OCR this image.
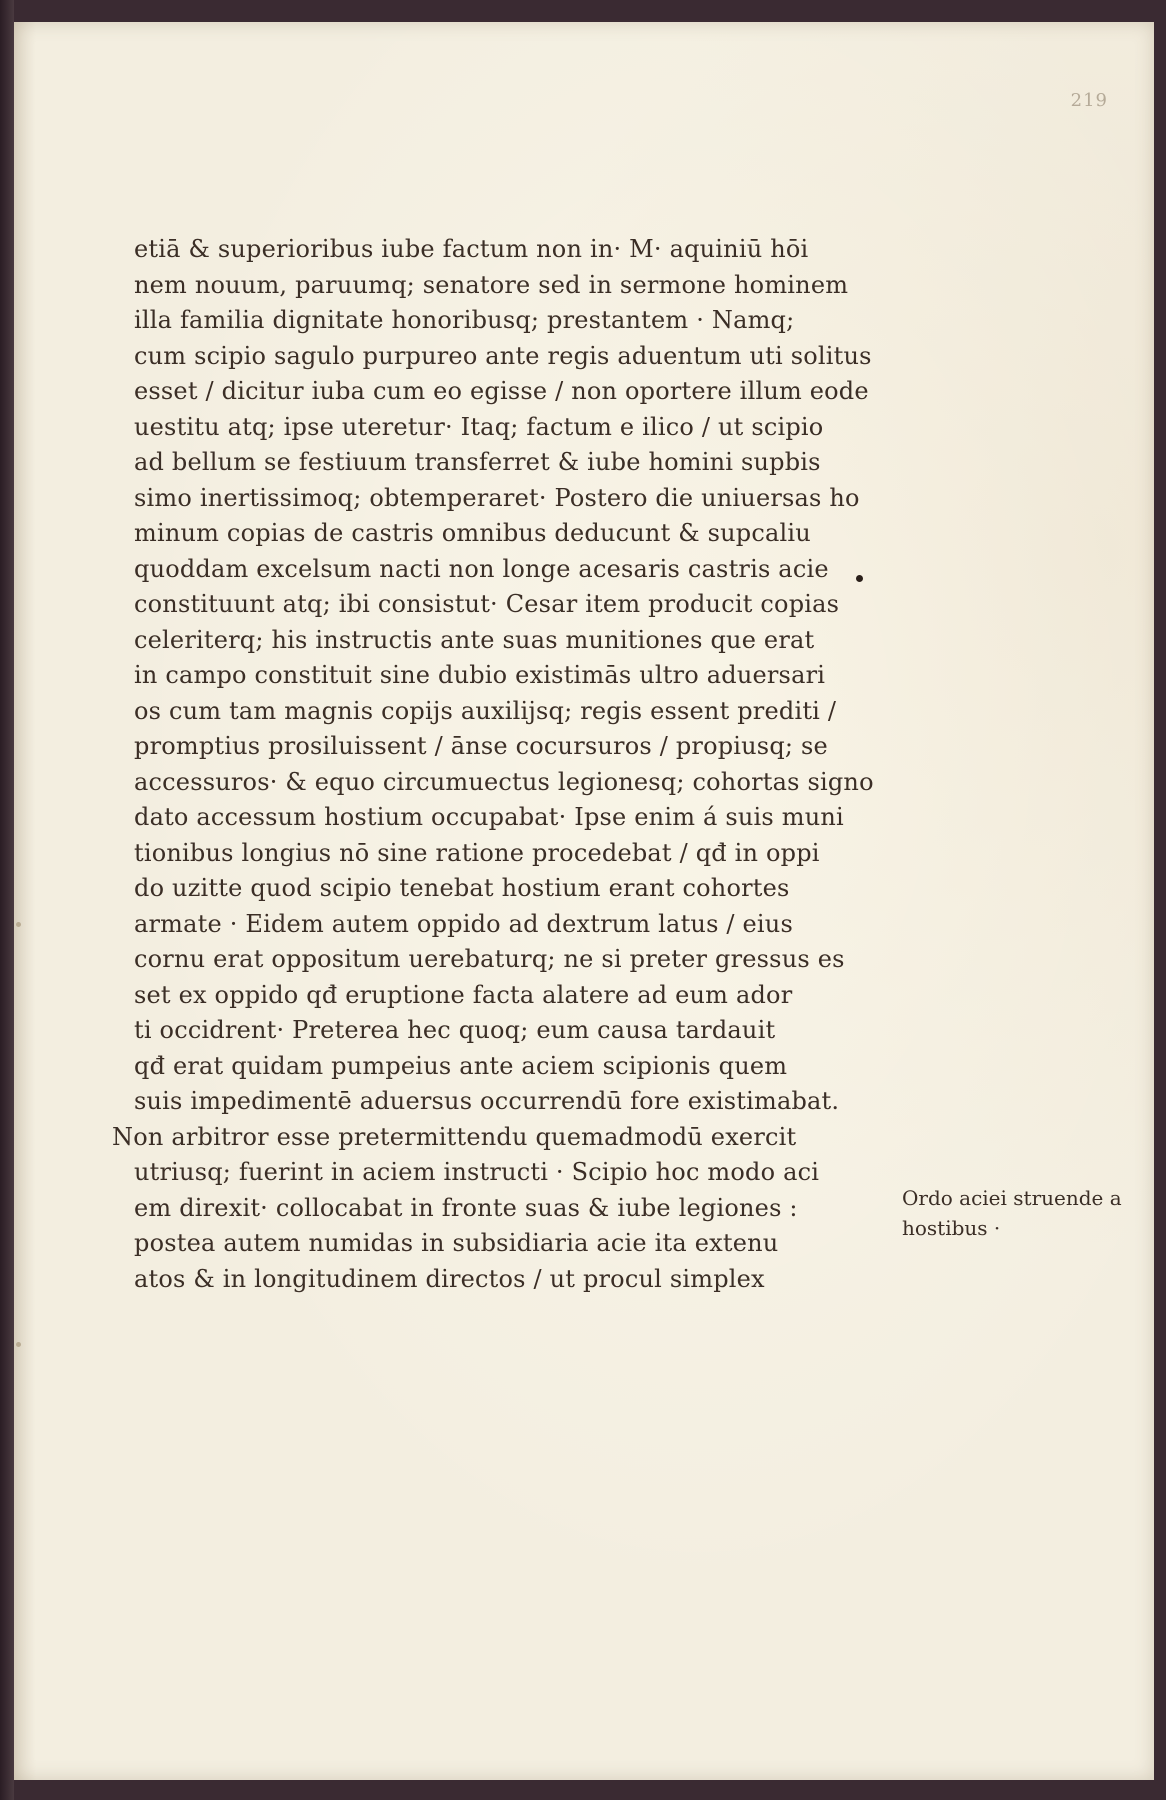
219
etiā & superioribus iube factum non in· M· aquiniū hōi
nem nouum, paruumq; senatore sed in sermone hominem
illa familia dignitate honoribusq; prestantem · Namq;
cum scipio sagulo purpureo ante regis aduentum uti solitus
esset / dicitur iuba cum eo egisse / non oportere illum eode
uestitu atq; ipse uteretur· Itaq; factum e ilico / ut scipio
ad bellum se festiuum transferret & iube homini supbis
simo inertissimoq; obtemperaret· Postero die uniuersas ho
minum copias de castris omnibus deducunt & supcaliu
quoddam excelsum nacti non longe acesaris castris acie
constituunt atq; ibi consistut· Cesar item producit copias
celeriterq; his instructis ante suas munitiones que erat
in campo constituit sine dubio existimās ultro aduersari
os cum tam magnis copijs auxilijsq; regis essent prediti /
promptius prosiluissent / ānse cocursuros / propiusq; se
accessuros· & equo circumuectus legionesq; cohortas signo
dato accessum hostium occupabat· Ipse enim á suis muni
tionibus longius nō sine ratione procedebat / qđ in oppi
do uzitte quod scipio tenebat hostium erant cohortes
armate · Eidem autem oppido ad dextrum latus / eius
cornu erat oppositum uerebaturq; ne si preter gressus es
set ex oppido qđ eruptione facta alatere ad eum ador
ti occidrent· Preterea hec quoq; eum causa tardauit
qđ erat quidam pumpeius ante aciem scipionis quem
suis impedimentē aduersus occurrendū fore existimabat.
Non arbitror esse pretermittendu quemadmodū exercit
utriusq; fuerint in aciem instructi · Scipio hoc modo aci
em direxit· collocabat in fronte suas & iube legiones :
postea autem numidas in subsidiaria acie ita extenu
atos & in longitudinem directos / ut procul simplex
Ordo aciei struende a
hostibus ·
